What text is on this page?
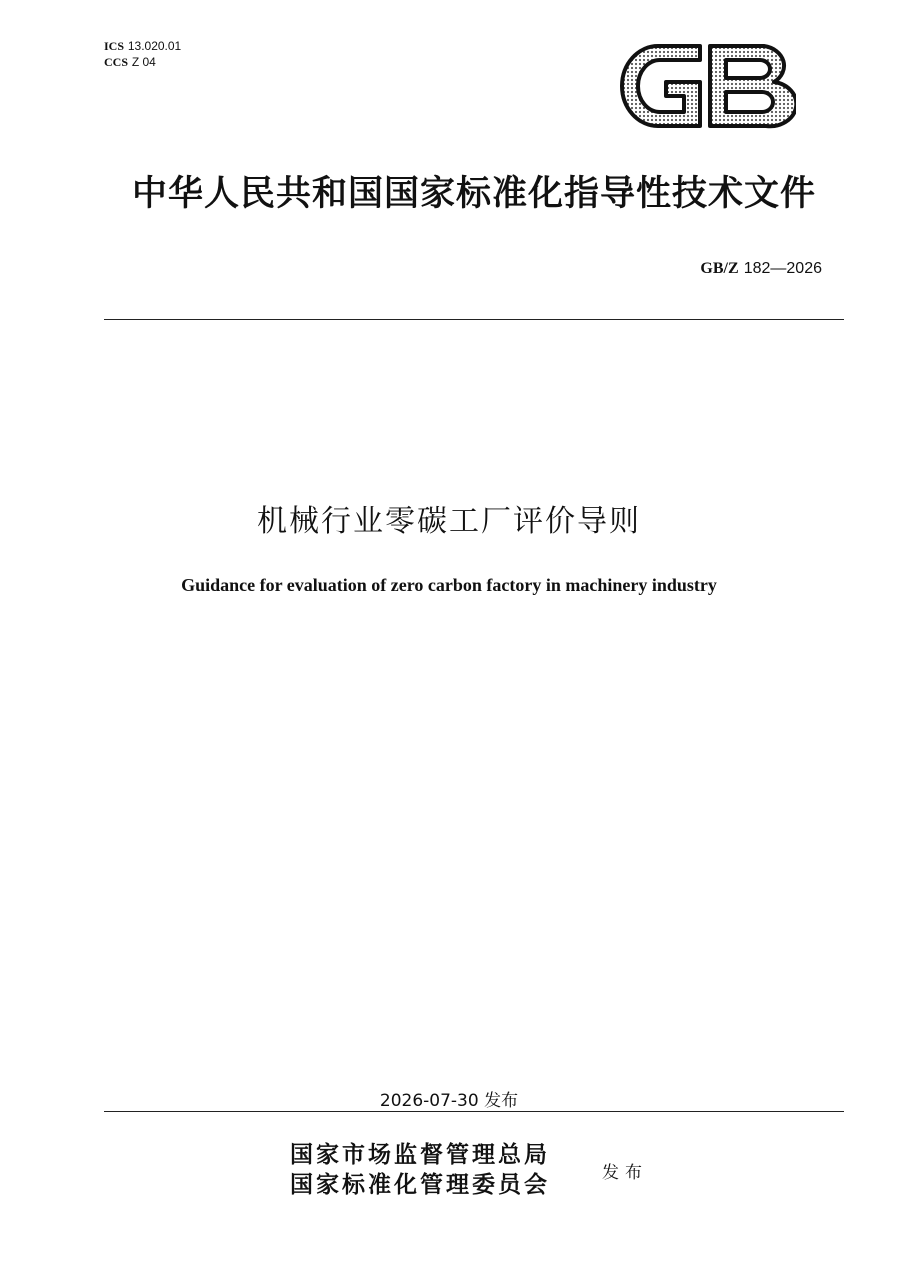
ICS 13.020.01
CCS Z 04
中华人民共和国国家标准化指导性技术文件
GB/Z 182—2026
机械行业零碳工厂评价导则
Guidance for evaluation of zero carbon factory in machinery industry
2026-07-30 发布
国家市场监督管理总局
国家标准化管理委员会	发布
